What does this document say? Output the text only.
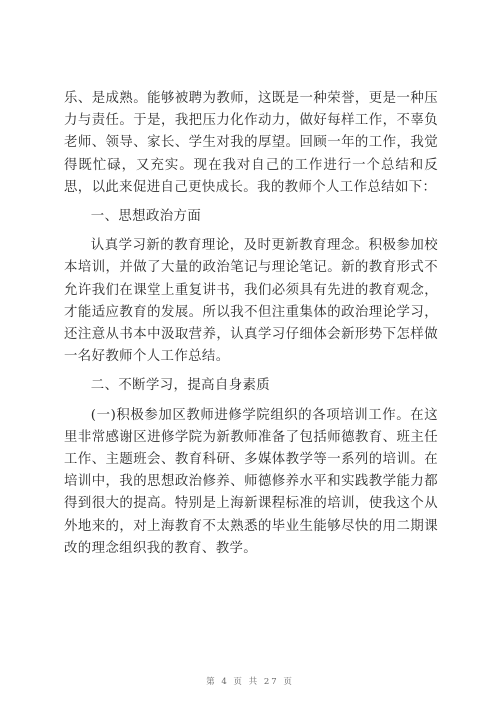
乐、是成熟。能够被聘为教师，这既是一种荣誉，更是一种压力与责任。于是，我把压力化作动力，做好每样工作，不辜负老师、领导、家长、学生对我的厚望。回顾一年的工作，我觉得既忙碌，又充实。现在我对自己的工作进行一个总结和反思，以此来促进自己更快成长。我的教师个人工作总结如下：

一、思想政治方面

认真学习新的教育理论，及时更新教育理念。积极参加校本培训，并做了大量的政治笔记与理论笔记。新的教育形式不允许我们在课堂上重复讲书，我们必须具有先进的教育观念，才能适应教育的发展。所以我不但注重集体的政治理论学习，还注意从书本中汲取营养，认真学习仔细体会新形势下怎样做一名好教师个人工作总结。

二、不断学习，提高自身素质

(一)积极参加区教师进修学院组织的各项培训工作。在这里非常感谢区进修学院为新教师准备了包括师德教育、班主任工作、主题班会、教育科研、多媒体教学等一系列的培训。在培训中，我的思想政治修养、师德修养水平和实践教学能力都得到很大的提高。特别是上海新课程标准的培训，使我这个从外地来的，对上海教育不太熟悉的毕业生能够尽快的用二期课改的理念组织我的教育、教学。

第 4 页 共 27 页
